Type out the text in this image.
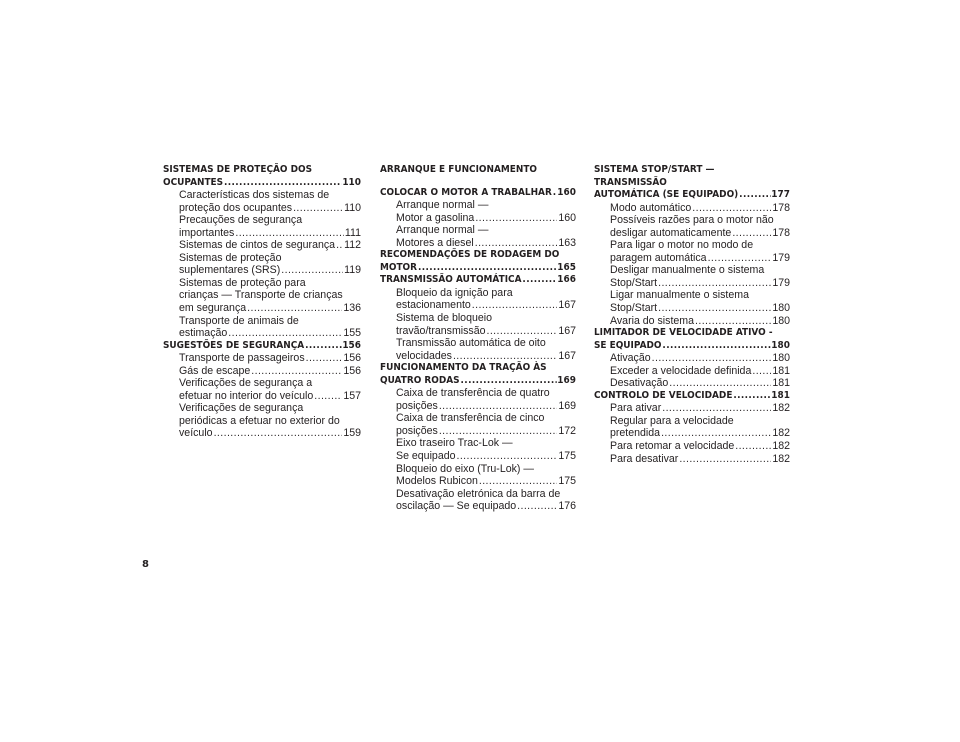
SISTEMAS DE PROTEÇÃO DOS
OCUPANTES .....	110
Características dos sistemas de
proteção dos ocupantes .....	110
Precauções de segurança
importantes .....	111
Sistemas de cintos de segurança ..... 112
Sistemas de proteção
suplementares (SRS) .....	119
Sistemas de proteção para
crianças — Transporte de crianças
em segurança .....	136
Transporte de animais de
estimação .....	155
SUGESTÕES DE SEGURANÇA .....	156
Transporte de passageiros .....	156
Gás de escape .....	156
Verificações de segurança a
efetuar no interior do veículo .....	157
Verificações de segurança
periódicas a efetuar no exterior do
veículo .....	159
ARRANQUE E FUNCIONAMENTO
COLOCAR O MOTOR A TRABALHAR ..... 160
Arranque normal —
Motor a gasolina .....	160
Arranque normal —
Motores a diesel .....	163
RECOMENDAÇÕES DE RODAGEM DO
MOTOR .....	165
TRANSMISSÃO AUTOMÁTICA .....	166
Bloqueio da ignição para
estacionamento .....	167
Sistema de bloqueio
travão/transmissão .....	167
Transmissão automática de oito
velocidades .....	167
FUNCIONAMENTO DA TRAÇÃO ÀS
QUATRO RODAS .....	169
Caixa de transferência de quatro
posições .....	169
Caixa de transferência de cinco
posições .....	172
Eixo traseiro Trac-Lok —
Se equipado .....	175
Bloqueio do eixo (Tru-Lok) —
Modelos Rubicon .....	175
Desativação eletrónica da barra de
oscilação — Se equipado .....	176
SISTEMA STOP/START — TRANSMISSÃO
AUTOMÁTICA (SE EQUIPADO) .....	177
Modo automático .....	178
Possíveis razões para o motor não
desligar automaticamente .....	178
Para ligar o motor no modo de
paragem automática .....	179
Desligar manualmente o sistema
Stop/Start .....	179
Ligar manualmente o sistema
Stop/Start .....	180
Avaria do sistema .....	180
LIMITADOR DE VELOCIDADE ATIVO -
SE EQUIPADO .....	180
Ativação .....	180
Exceder a velocidade definida ..... 181
Desativação .....	181
CONTROLO DE VELOCIDADE .....	181
Para ativar .....	182
Regular para a velocidade
pretendida .....	182
Para retomar a velocidade .....	182
Para desativar .....	182
8
